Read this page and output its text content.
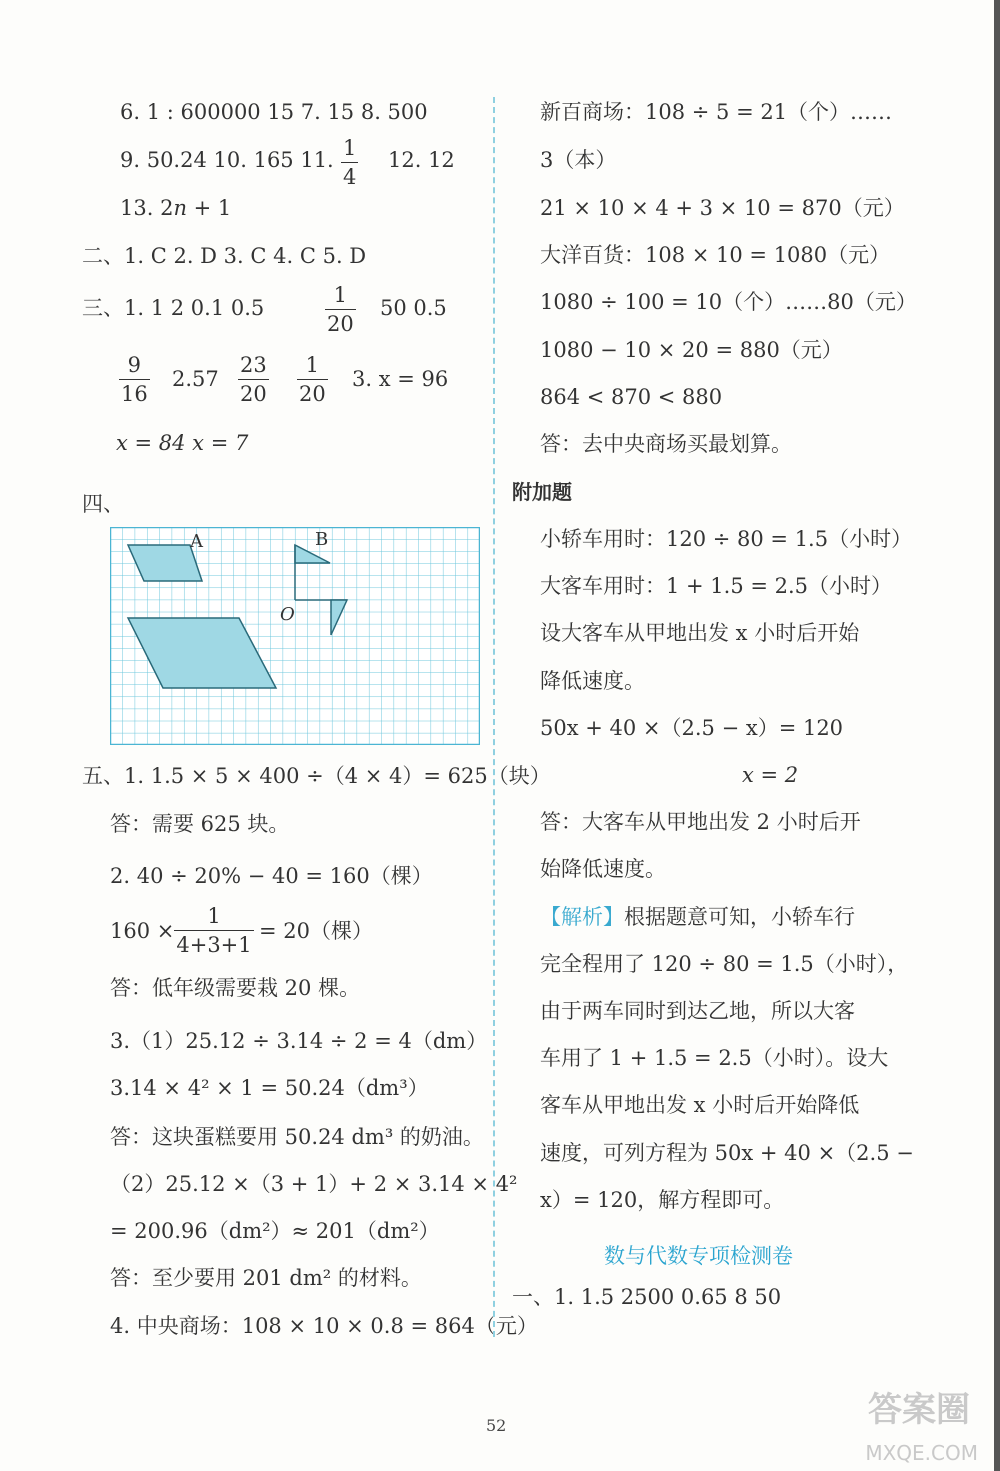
6. 1 : 600000 15 7. 15 8. 500
9. 50.24 10. 165 11. $\frac{1}{4} 12$. 12
13. 2n + 1
二、1. C 2. D 3. C 4. C 5. D
三、1. 1 2 0.1 0.5	$\frac{1}{20} 50$ 0.5
$\frac{9}{16} 2.57 \frac{23}{20} \frac{1}{20} 3$. x = 96
x = 84 x = 7
四、
A	B
O
五、1. 1.5 × 5 × 400 ÷（4 × 4）= 625（块）
答：需要 625 块。
2. 40 ÷ 20% − 40 = 160（棵）
$160 \times \frac{1}{4+3+1} = 20$（棵）
答：低年级需要栽 20 棵。
3.（1）25.12 ÷ 3.14 ÷ 2 = 4（dm）
3.14 × 4² × 1 = 50.24（dm³）
答：这块蛋糕要用 50.24 dm³ 的奶油。
（2）25.12 ×（3 + 1）+ 2 × 3.14 × 4²
= 200.96（dm²）≈ 201（dm²）
答：至少要用 201 dm² 的材料。
4. 中央商场：108 × 10 × 0.8 = 864（元）
新百商场：108 ÷ 5 = 21（个）……
3（本）
21 × 10 × 4 + 3 × 10 = 870（元）
大洋百货：108 × 10 = 1080（元）
1080 ÷ 100 = 10（个）……80（元）
1080 − 10 × 20 = 880（元）
864 < 870 < 880
答：去中央商场买最划算。
附加题
小轿车用时：120 ÷ 80 = 1.5（小时）
大客车用时：1 + 1.5 = 2.5（小时）
设大客车从甲地出发 x 小时后开始
降低速度。
50x + 40 ×（2.5 − x）= 120
x = 2
答：大客车从甲地出发 2 小时后开
始降低速度。
【解析】根据题意可知，小轿车行
完全程用了 120 ÷ 80 = 1.5（小时），
由于两车同时到达乙地，所以大客
车用了 1 + 1.5 = 2.5（小时）。设大
客车从甲地出发 x 小时后开始降低
速度，可列方程为 50x + 40 ×（2.5 −
x）= 120，解方程即可。
数与代数专项检测卷
一、1. 1.5 2500 0.65 8 50
52	答案圈
MXQE.COM
